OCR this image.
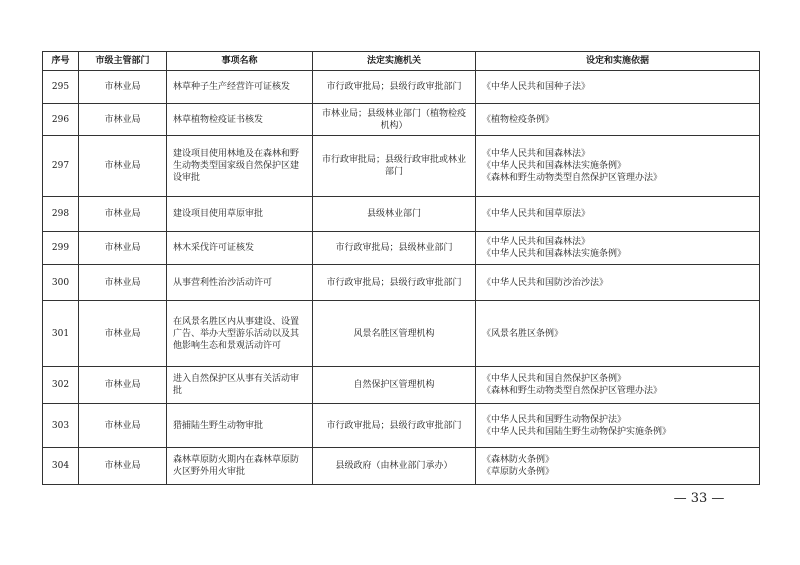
序号	市级主管部门	事项名称	法定实施机关	设定和实施依据
295	市林业局	林草种子生产经营许可证核发	市行政审批局；县级行政审批部门	《中华人民共和国种子法》

296	市林业局	林草植物检疫证书核发	市林业局；县级林业部门（植物检疫机构）	《植物检疫条例》

297	市林业局	建设项目使用林地及在森林和野生动物类型国家级自然保护区建设审批	市行政审批局；县级行政审批或林业部门	《中华人民共和国森林法》
《中华人民共和国森林法实施条例》
《森林和野生动物类型自然保护区管理办法》

298	市林业局	建设项目使用草原审批	县级林业部门	《中华人民共和国草原法》

299	市林业局	林木采伐许可证核发	市行政审批局；县级林业部门	《中华人民共和国森林法》
《中华人民共和国森林法实施条例》

300	市林业局	从事营利性治沙活动许可	市行政审批局；县级行政审批部门	《中华人民共和国防沙治沙法》

301	市林业局	在风景名胜区内从事建设、设置广告、举办大型游乐活动以及其他影响生态和景观活动许可	风景名胜区管理机构	《风景名胜区条例》

302	市林业局	进入自然保护区从事有关活动审批	自然保护区管理机构	《中华人民共和国自然保护区条例》
《森林和野生动物类型自然保护区管理办法》

303	市林业局	猎捕陆生野生动物审批	市行政审批局；县级行政审批部门	《中华人民共和国野生动物保护法》
《中华人民共和国陆生野生动物保护实施条例》

304	市林业局	森林草原防火期内在森林草原防火区野外用火审批	县级政府（由林业部门承办）	《森林防火条例》
《草原防火条例》
— 33 —
